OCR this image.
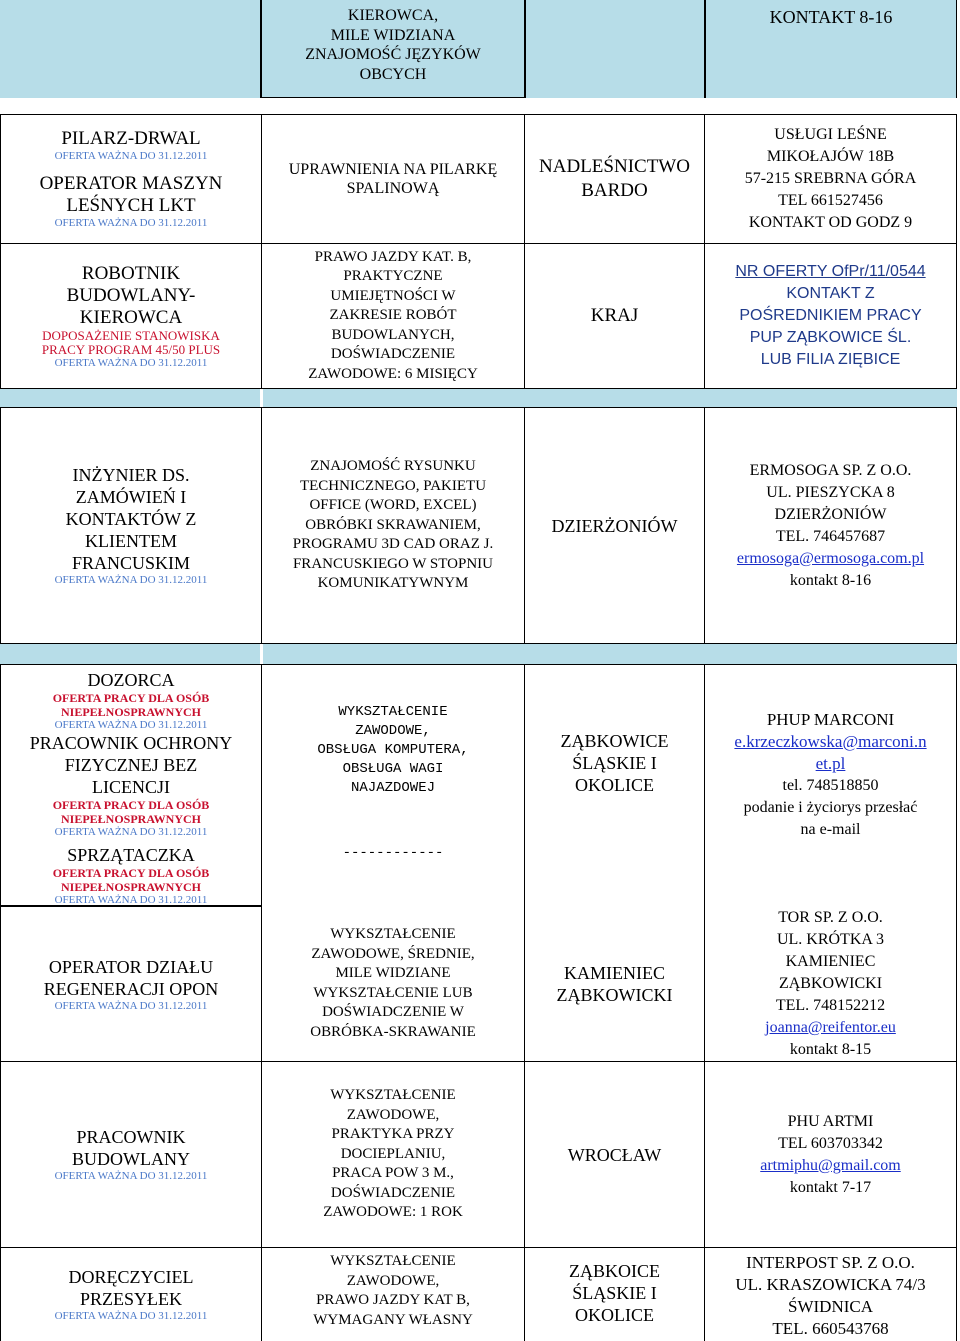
KIEROWCA,
MILE WIDZIANA
ZNAJOMOŚĆ JĘZYKÓW
OBCYCH
KONTAKT 8-16
PILARZ-DRWAL
OFERTA WAŻNA DO 31.12.2011
OPERATOR MASZYN
LEŚNYCH LKT
OFERTA WAŻNA DO 31.12.2011
UPRAWNIENIA NA PILARKĘ
SPALINOWĄ
NADLEŚNICTWO
BARDO
USŁUGI LEŚNE
MIKOŁAJÓW 18B
57-215 SREBRNA GÓRA
TEL 661527456
KONTAKT OD GODZ 9
ROBOTNIK
BUDOWLANY-
KIEROWCA
DOPOSAŻENIE STANOWISKA
PRACY PROGRAM 45/50 PLUS
OFERTA WAŻNA DO 31.12.2011
PRAWO JAZDY KAT. B,
PRAKTYCZNE
UMIEJĘTNOŚCI W
ZAKRESIE ROBÓT
BUDOWLANYCH,
DOŚWIADCZENIE
ZAWODOWE: 6 MISIĘCY
KRAJ
NR OFERTY OfPr/11/0544
KONTAKT Z
POŚREDNIKIEM PRACY
PUP ZĄBKOWICE ŚL.
LUB FILIA ZIĘBICE
INŻYNIER DS.
ZAMÓWIEŃ I
KONTAKTÓW Z
KLIENTEM
FRANCUSKIM
OFERTA WAŻNA DO 31.12.2011
ZNAJOMOŚĆ RYSUNKU
TECHNICZNEGO, PAKIETU
OFFICE (WORD, EXCEL)
OBRÓBKI SKRAWANIEM,
PROGRAMU 3D CAD ORAZ J.
FRANCUSKIEGO W STOPNIU
KOMUNIKATYWNYM
DZIERŻONIÓW
ERMOSOGA SP. Z O.O.
UL. PIESZYCKA 8
DZIERŻONIÓW
TEL. 746457687
ermosoga@ermosoga.com.pl
kontakt 8-16
DOZORCA
OFERTA PRACY DLA OSÓB
NIEPEŁNOSPRAWNYCH
OFERTA WAŻNA DO 31.12.2011
PRACOWNIK OCHRONY
FIZYCZNEJ BEZ
LICENCJI
OFERTA PRACY DLA OSÓB
NIEPEŁNOSPRAWNYCH
OFERTA WAŻNA DO 31.12.2011
SPRZĄTACZKA
OFERTA PRACY DLA OSÓB
NIEPEŁNOSPRAWNYCH
OFERTA WAŻNA DO 31.12.2011
WYKSZTAŁCENIE
ZAWODOWE,
OBSŁUGA KOMPUTERA,
OBSŁUGA WAGI
NAJAZDOWEJ
------------
ZĄBKOWICE
ŚLĄSKIE I
OKOLICE
PHUP MARCONI
e.krzeczkowska@marconi.n
et.pl
tel. 748518850
podanie i życiorys przesłać
na e-mail
OPERATOR DZIAŁU
REGENERACJI OPON
OFERTA WAŻNA DO 31.12.2011
WYKSZTAŁCENIE
ZAWODOWE, ŚREDNIE,
MILE WIDZIANE
WYKSZTAŁCENIE LUB
DOŚWIADCZENIE W
OBRÓBKA-SKRAWANIE
KAMIENIEC
ZĄBKOWICKI
TOR SP. Z O.O.
UL. KRÓTKA 3
KAMIENIEC
ZĄBKOWICKI
TEL. 748152212
joanna@reifentor.eu
kontakt 8-15
PRACOWNIK
BUDOWLANY
OFERTA WAŻNA DO 31.12.2011
WYKSZTAŁCENIE
ZAWODOWE,
PRAKTYKA PRZY
DOCIEPLANIU,
PRACA POW 3 M.,
DOŚWIADCZENIE
ZAWODOWE: 1 ROK
WROCŁAW
PHU ARTMI
TEL 603703342
artmiphu@gmail.com
kontakt 7-17
DORĘCZYCIEL
PRZESYŁEK
OFERTA WAŻNA DO 31.12.2011
WYKSZTAŁCENIE
ZAWODOWE,
PRAWO JAZDY KAT B,
WYMAGANY WŁASNY
ZĄBKOICE
ŚLĄSKIE I
OKOLICE
INTERPOST SP. Z O.O.
UL. KRASZOWICKA 74/3
ŚWIDNICA
TEL. 660543768
